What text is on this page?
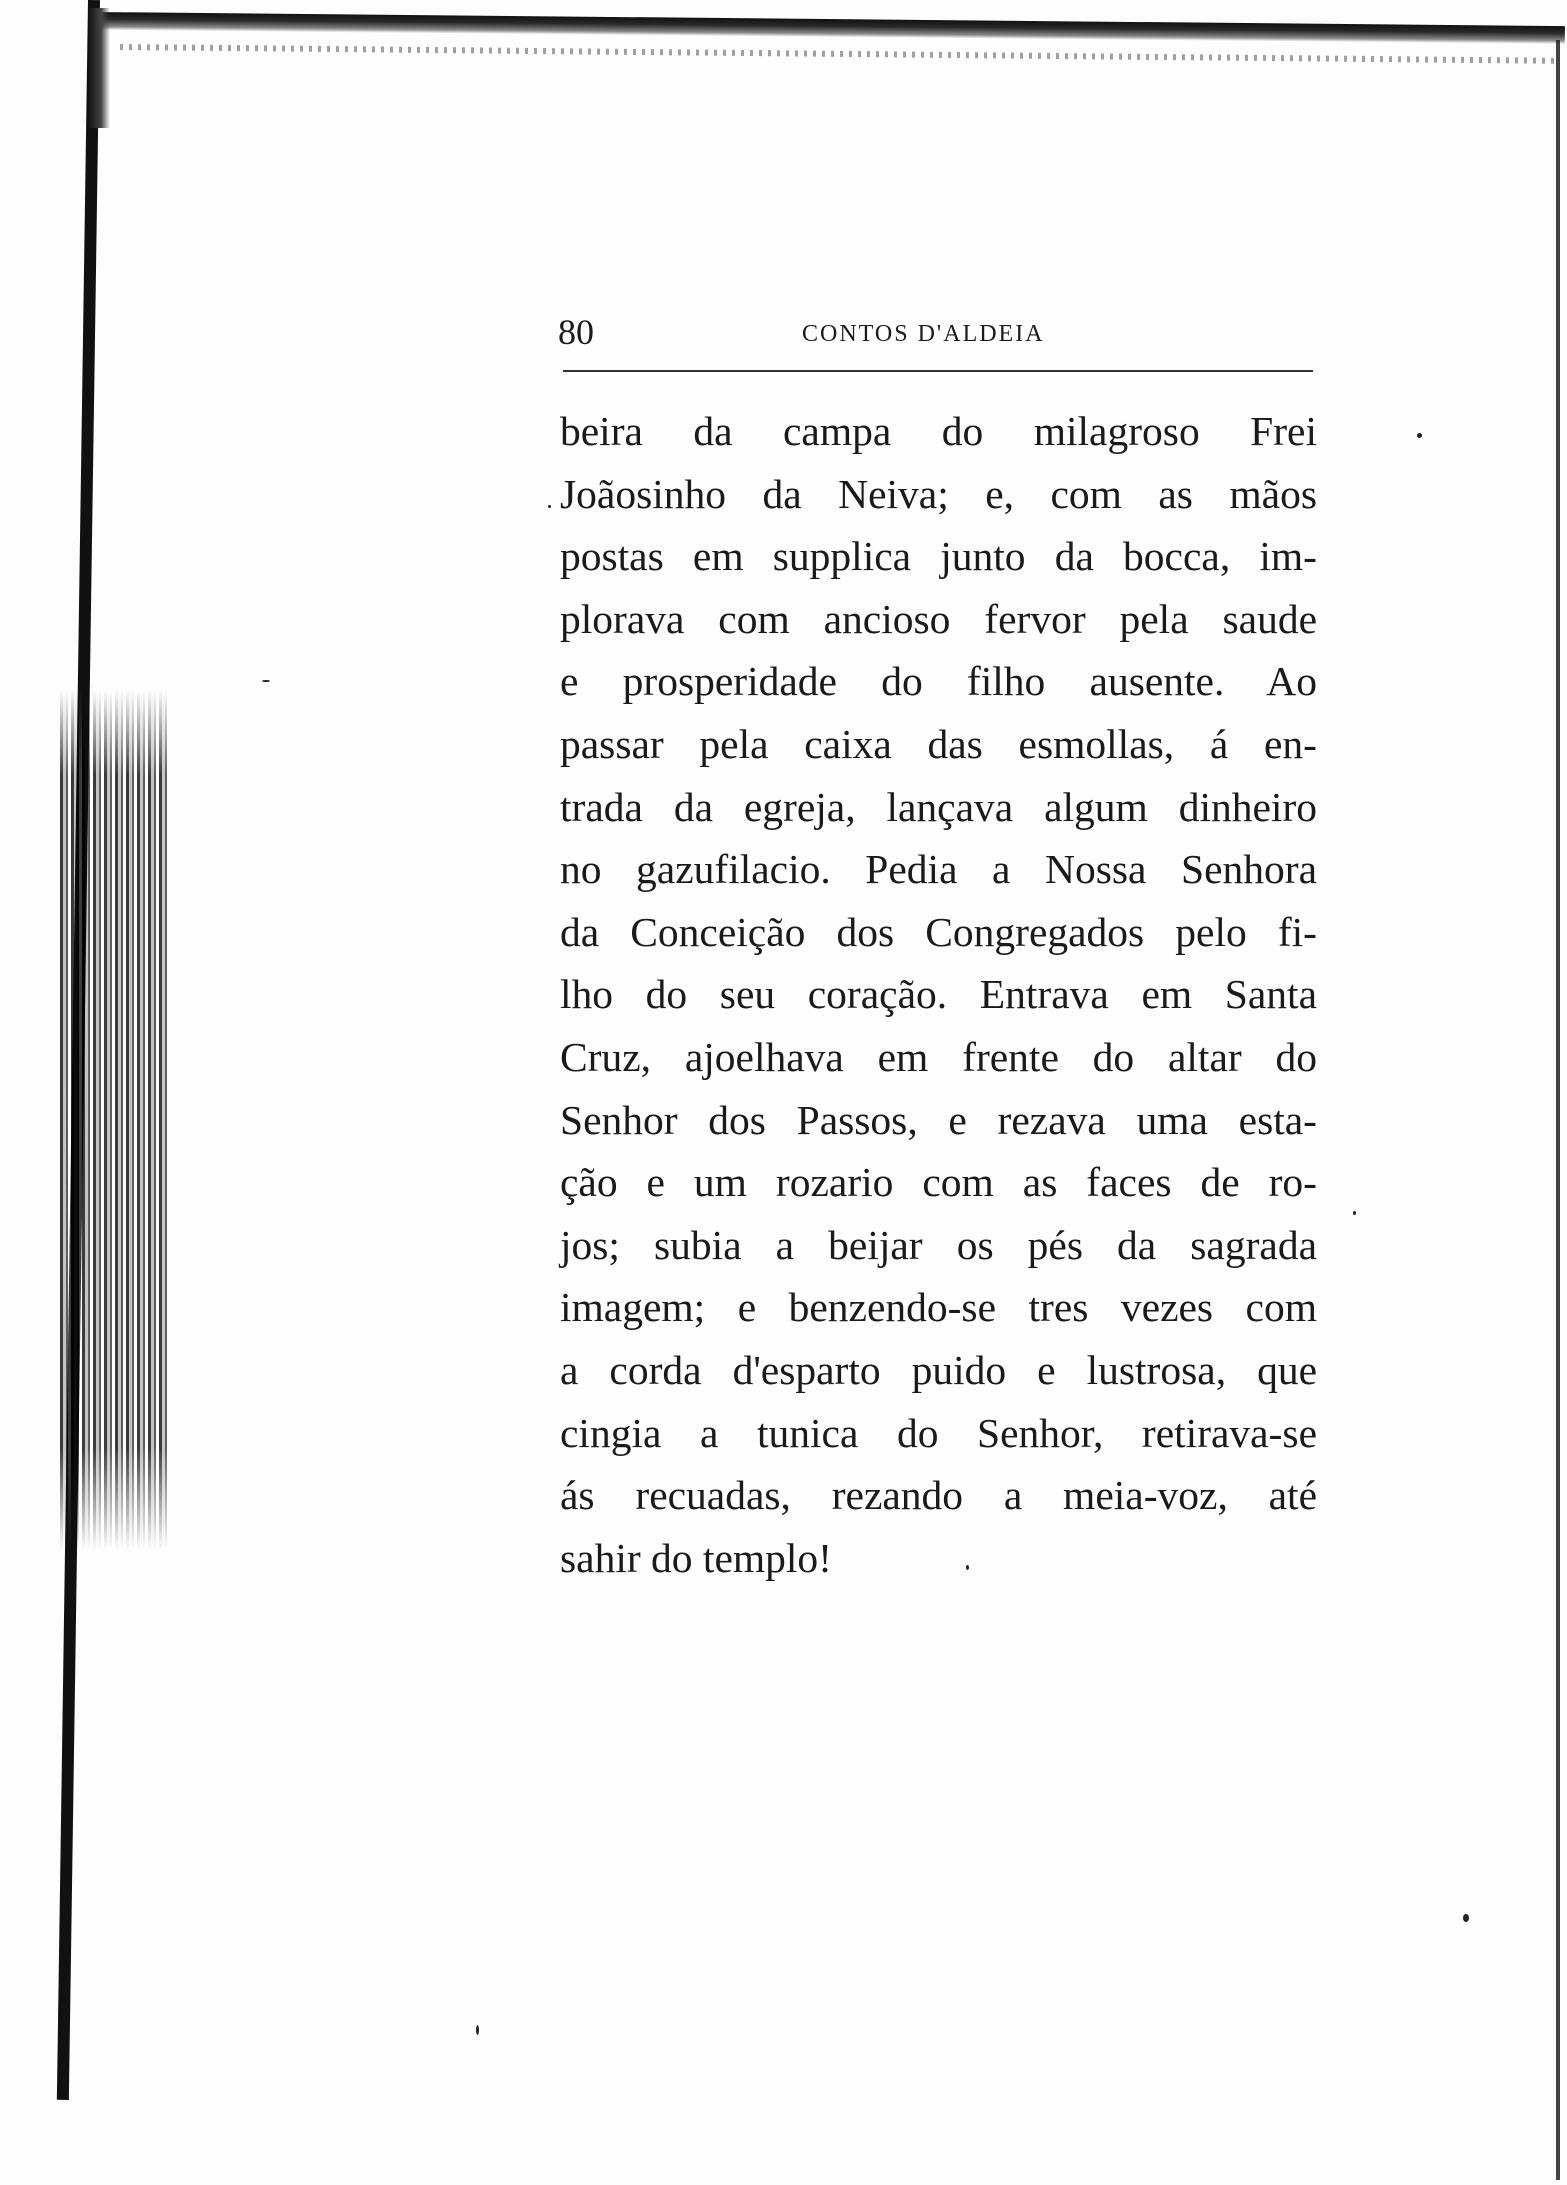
80	CONTOS D'ALDEIA
beira da campa do milagroso Frei
Joãosinho da Neiva; e, com as mãos
postas em supplica junto da bocca, im-
plorava com ancioso fervor pela saude
e prosperidade do filho ausente. Ao
passar pela caixa das esmollas, á en-
trada da egreja, lançava algum dinheiro
no gazufilacio. Pedia a Nossa Senhora
da Conceição dos Congregados pelo fi-
lho do seu coração. Entrava em Santa
Cruz, ajoelhava em frente do altar do
Senhor dos Passos, e rezava uma esta-
ção e um rozario com as faces de ro-
jos; subia a beijar os pés da sagrada
imagem; e benzendo-se tres vezes com
a corda d'esparto puido e lustrosa, que
cingia a tunica do Senhor, retirava-se
ás recuadas, rezando a meia-voz, até
sahir do templo!
